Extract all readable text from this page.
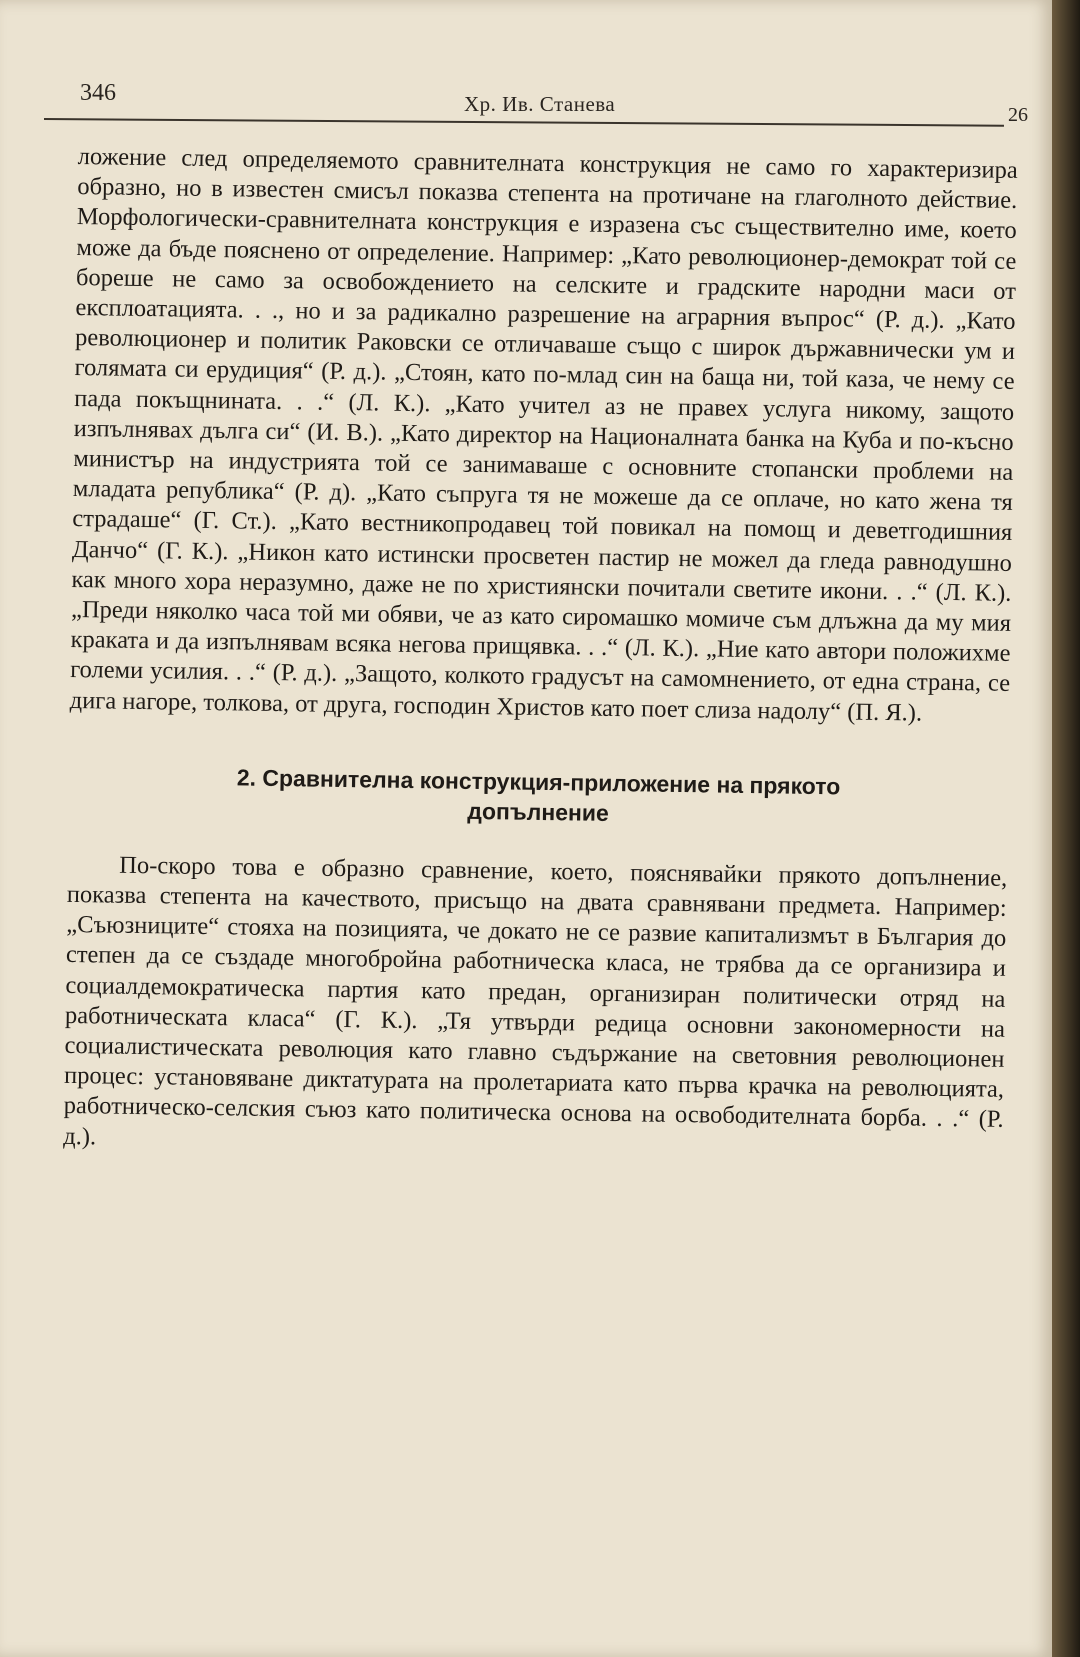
346	Хр. Ив. Станева	26

ложение след определяемото сравнителната конструкция не само го характеризира образно, но в известен смисъл показва степента на протичане на глаголното действие. Морфологически-сравнителната конструкция е изразена със съществително име, което може да бъде пояснено от определение. Например: „Като революционер-демократ той се бореше не само за освобождението на селските и градските народни маси от експлоатацията. . ., но и за радикално разрешение на аграрния въпрос“ (Р. д.). „Като революционер и политик Раковски се отличаваше също с широк държавнически ум и голямата си ерудиция“ (Р. д.). „Стоян, като по-млад син на баща ни, той каза, че нему се пада покъщнината. . .“ (Л. К.). „Като учител аз не правех услуга никому, защото изпълнявах дълга си“ (И. В.). „Като директор на Националната банка на Куба и по-късно министър на индустрията той се занимаваше с основните стопански проблеми на младата република“ (Р. д). „Като съпруга тя не можеше да се оплаче, но като жена тя страдаше“ (Г. Ст.). „Като вестникопродавец той повикал на помощ и деветгодишния Данчо“ (Г. К.). „Никон като истински просветен пастир не можел да гледа равнодушно как много хора неразумно, даже не по християнски почитали светите икони. . .“ (Л. К.). „Преди няколко часа той ми обяви, че аз като сиромашко момиче съм длъжна да му мия краката и да изпълнявам всяка негова прищявка. . .“ (Л. К.). „Ние като автори положихме големи усилия. . .“ (Р. д.). „Защото, колкото градусът на самомнението, от една страна, се дига нагоре, толкова, от друга, господин Христов като поет слиза надолу“ (П. Я.).

2. Сравнителна конструкция-приложение на прякото
допълнение

По-скоро това е образно сравнение, което, пояснявайки прякото допълнение, показва степента на качеството, присъщо на двата сравнявани предмета. Например: „Съюзниците“ стояха на позицията, че докато не се развие капитализмът в България до степен да се създаде многобройна работническа класа, не трябва да се организира и социалдемократическа партия като предан, организиран политически отряд на работническата класа“ (Г. К.). „Тя утвърди редица основни закономерности на социалистическата революция като главно съдържание на световния революционен процес: установяване диктатурата на пролетариата като първа крачка на революцията, работническо-селския съюз като политическа основа на освободителната борба. . .“ (Р. д.).
